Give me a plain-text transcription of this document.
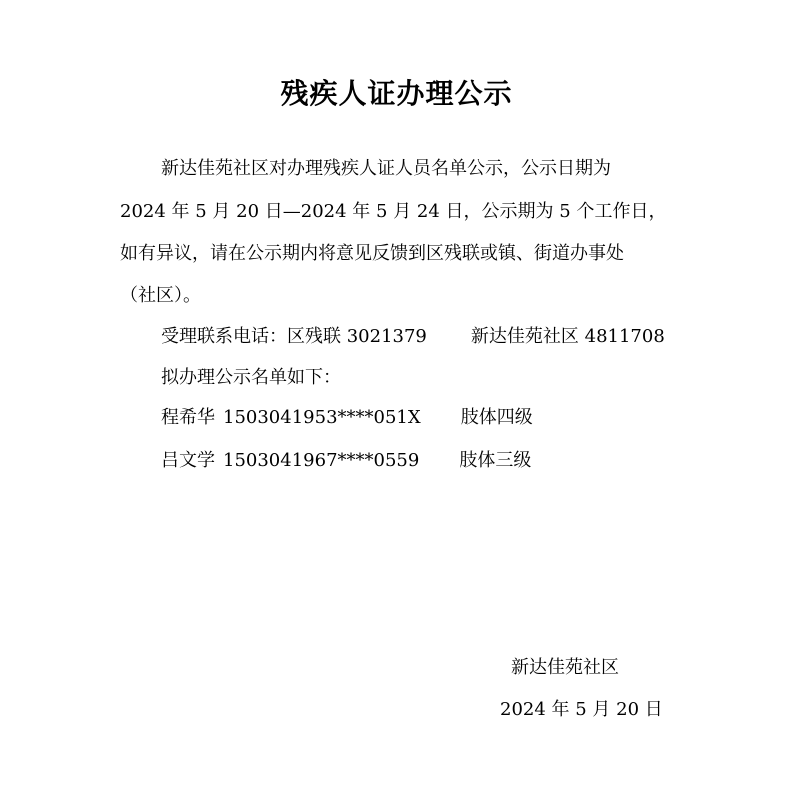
残疾人证办理公示
新达佳苑社区对办理残疾人证人员名单公示，公示日期为
2024 年 5 月 20 日—2024 年 5 月 24 日，公示期为 5 个工作日，
如有异议，请在公示期内将意见反馈到区残联或镇、街道办事处
（社区）。
受理联系电话：区残联 3021379 新达佳苑社区 4811708
拟办理公示名单如下：
程希华 1503041953****051X 肢体四级
吕文学 1503041967****0559 肢体三级
新达佳苑社区
2024 年 5 月 20 日
